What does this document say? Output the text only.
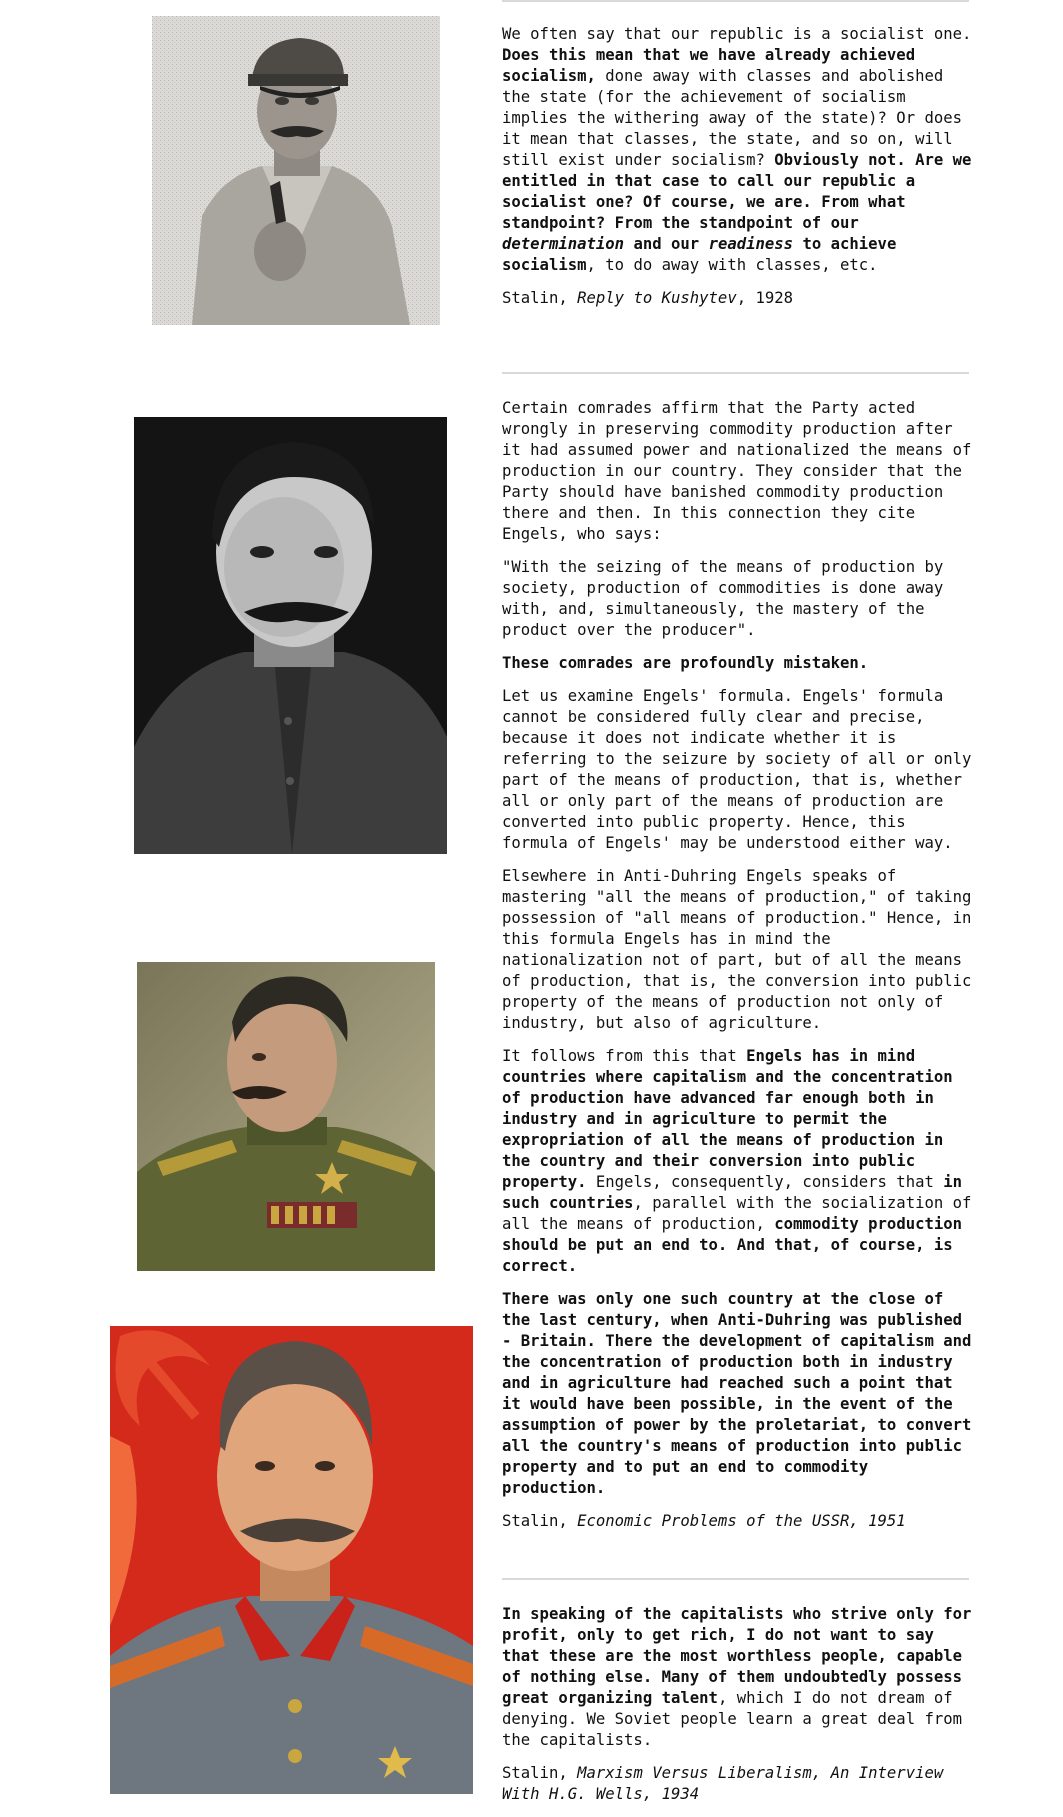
We often say that our republic is a socialist one. Does this mean that we have already achieved socialism, done away with classes and abolished the state (for the achievement of socialism implies the withering away of the state)? Or does it mean that classes, the state, and so on, will still exist under socialism? Obviously not. Are we entitled in that case to call our republic a socialist one? Of course, we are. From what standpoint? From the standpoint of our determination and our readiness to achieve socialism, to do away with classes, etc.

Stalin, Reply to Kushytev, 1928

Certain comrades affirm that the Party acted wrongly in preserving commodity production after it had assumed power and nationalized the means of production in our country. They consider that the Party should have banished commodity production there and then. In this connection they cite Engels, who says:

"With the seizing of the means of production by society, production of commodities is done away with, and, simultaneously, the mastery of the product over the producer".

These comrades are profoundly mistaken.

Let us examine Engels' formula. Engels' formula cannot be considered fully clear and precise, because it does not indicate whether it is referring to the seizure by society of all or only part of the means of production, that is, whether all or only part of the means of production are converted into public property. Hence, this formula of Engels' may be understood either way.

Elsewhere in Anti-Duhring Engels speaks of mastering "all the means of production," of taking possession of "all means of production." Hence, in this formula Engels has in mind the nationalization not of part, but of all the means of production, that is, the conversion into public property of the means of production not only of industry, but also of agriculture.

It follows from this that Engels has in mind countries where capitalism and the concentration of production have advanced far enough both in industry and in agriculture to permit the expropriation of all the means of production in the country and their conversion into public property. Engels, consequently, considers that in such countries, parallel with the socialization of all the means of production, commodity production should be put an end to. And that, of course, is correct.

There was only one such country at the close of the last century, when Anti-Duhring was published - Britain. There the development of capitalism and the concentration of production both in industry and in agriculture had reached such a point that it would have been possible, in the event of the assumption of power by the proletariat, to convert all the country's means of production into public property and to put an end to commodity production.

Stalin, Economic Problems of the USSR, 1951

In speaking of the capitalists who strive only for profit, only to get rich, I do not want to say that these are the most worthless people, capable of nothing else. Many of them undoubtedly possess great organizing talent, which I do not dream of denying. We Soviet people learn a great deal from the capitalists.

Stalin, Marxism Versus Liberalism, An Interview With H.G. Wells, 1934
